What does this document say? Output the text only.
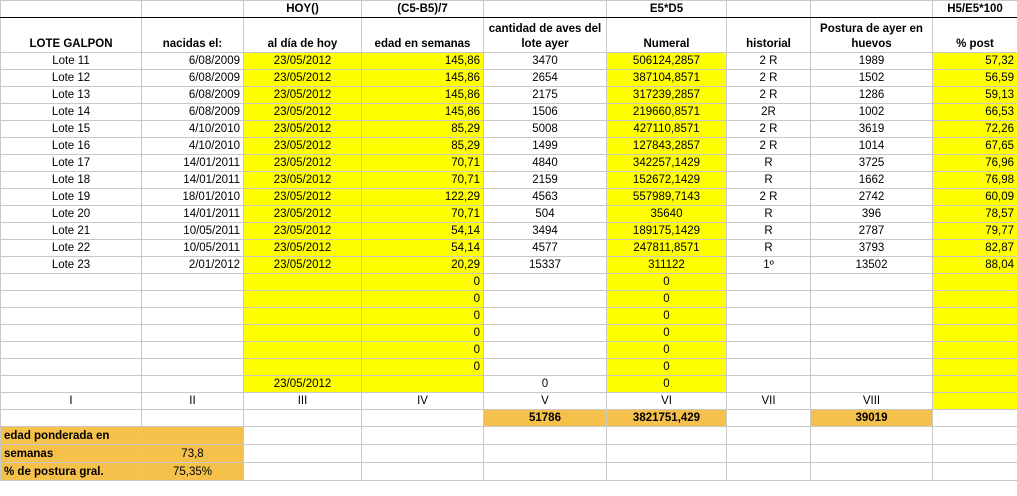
		HOY()	(C5-B5)/7		E5*D5			H5/E5*100
LOTE GALPON	nacidas el:	al día de hoy	edad en semanas	cantidad de aves del lote ayer	Numeral	historial	Postura de ayer en huevos	% post
Lote 11	6/08/2009	23/05/2012	145,86	3470	506124,2857	2 R	1989	57,32
Lote 12	6/08/2009	23/05/2012	145,86	2654	387104,8571	2 R	1502	56,59
Lote 13	6/08/2009	23/05/2012	145,86	2175	317239,2857	2 R	1286	59,13
Lote 14	6/08/2009	23/05/2012	145,86	1506	219660,8571	2R	1002	66,53
Lote 15	4/10/2010	23/05/2012	85,29	5008	427110,8571	2 R	3619	72,26
Lote 16	4/10/2010	23/05/2012	85,29	1499	127843,2857	2 R	1014	67,65
Lote 17	14/01/2011	23/05/2012	70,71	4840	342257,1429	R	3725	76,96
Lote 18	14/01/2011	23/05/2012	70,71	2159	152672,1429	R	1662	76,98
Lote 19	18/01/2010	23/05/2012	122,29	4563	557989,7143	2 R	2742	60,09
Lote 20	14/01/2011	23/05/2012	70,71	504	35640	R	396	78,57
Lote 21	10/05/2011	23/05/2012	54,14	3494	189175,1429	R	2787	79,77
Lote 22	10/05/2011	23/05/2012	54,14	4577	247811,8571	R	3793	82,87
Lote 23	2/01/2012	23/05/2012	20,29	15337	311122	1º	13502	88,04
			0		0			
			0		0			
			0		0			
			0		0			
			0		0			
			0		0			
		23/05/2012		0	0			
I	II	III	IV	V	VI	VII	VIII	
				51786	3821751,429		39019	
edad ponderada en								
semanas	73,8							
% de postura gral.	75,35%							
